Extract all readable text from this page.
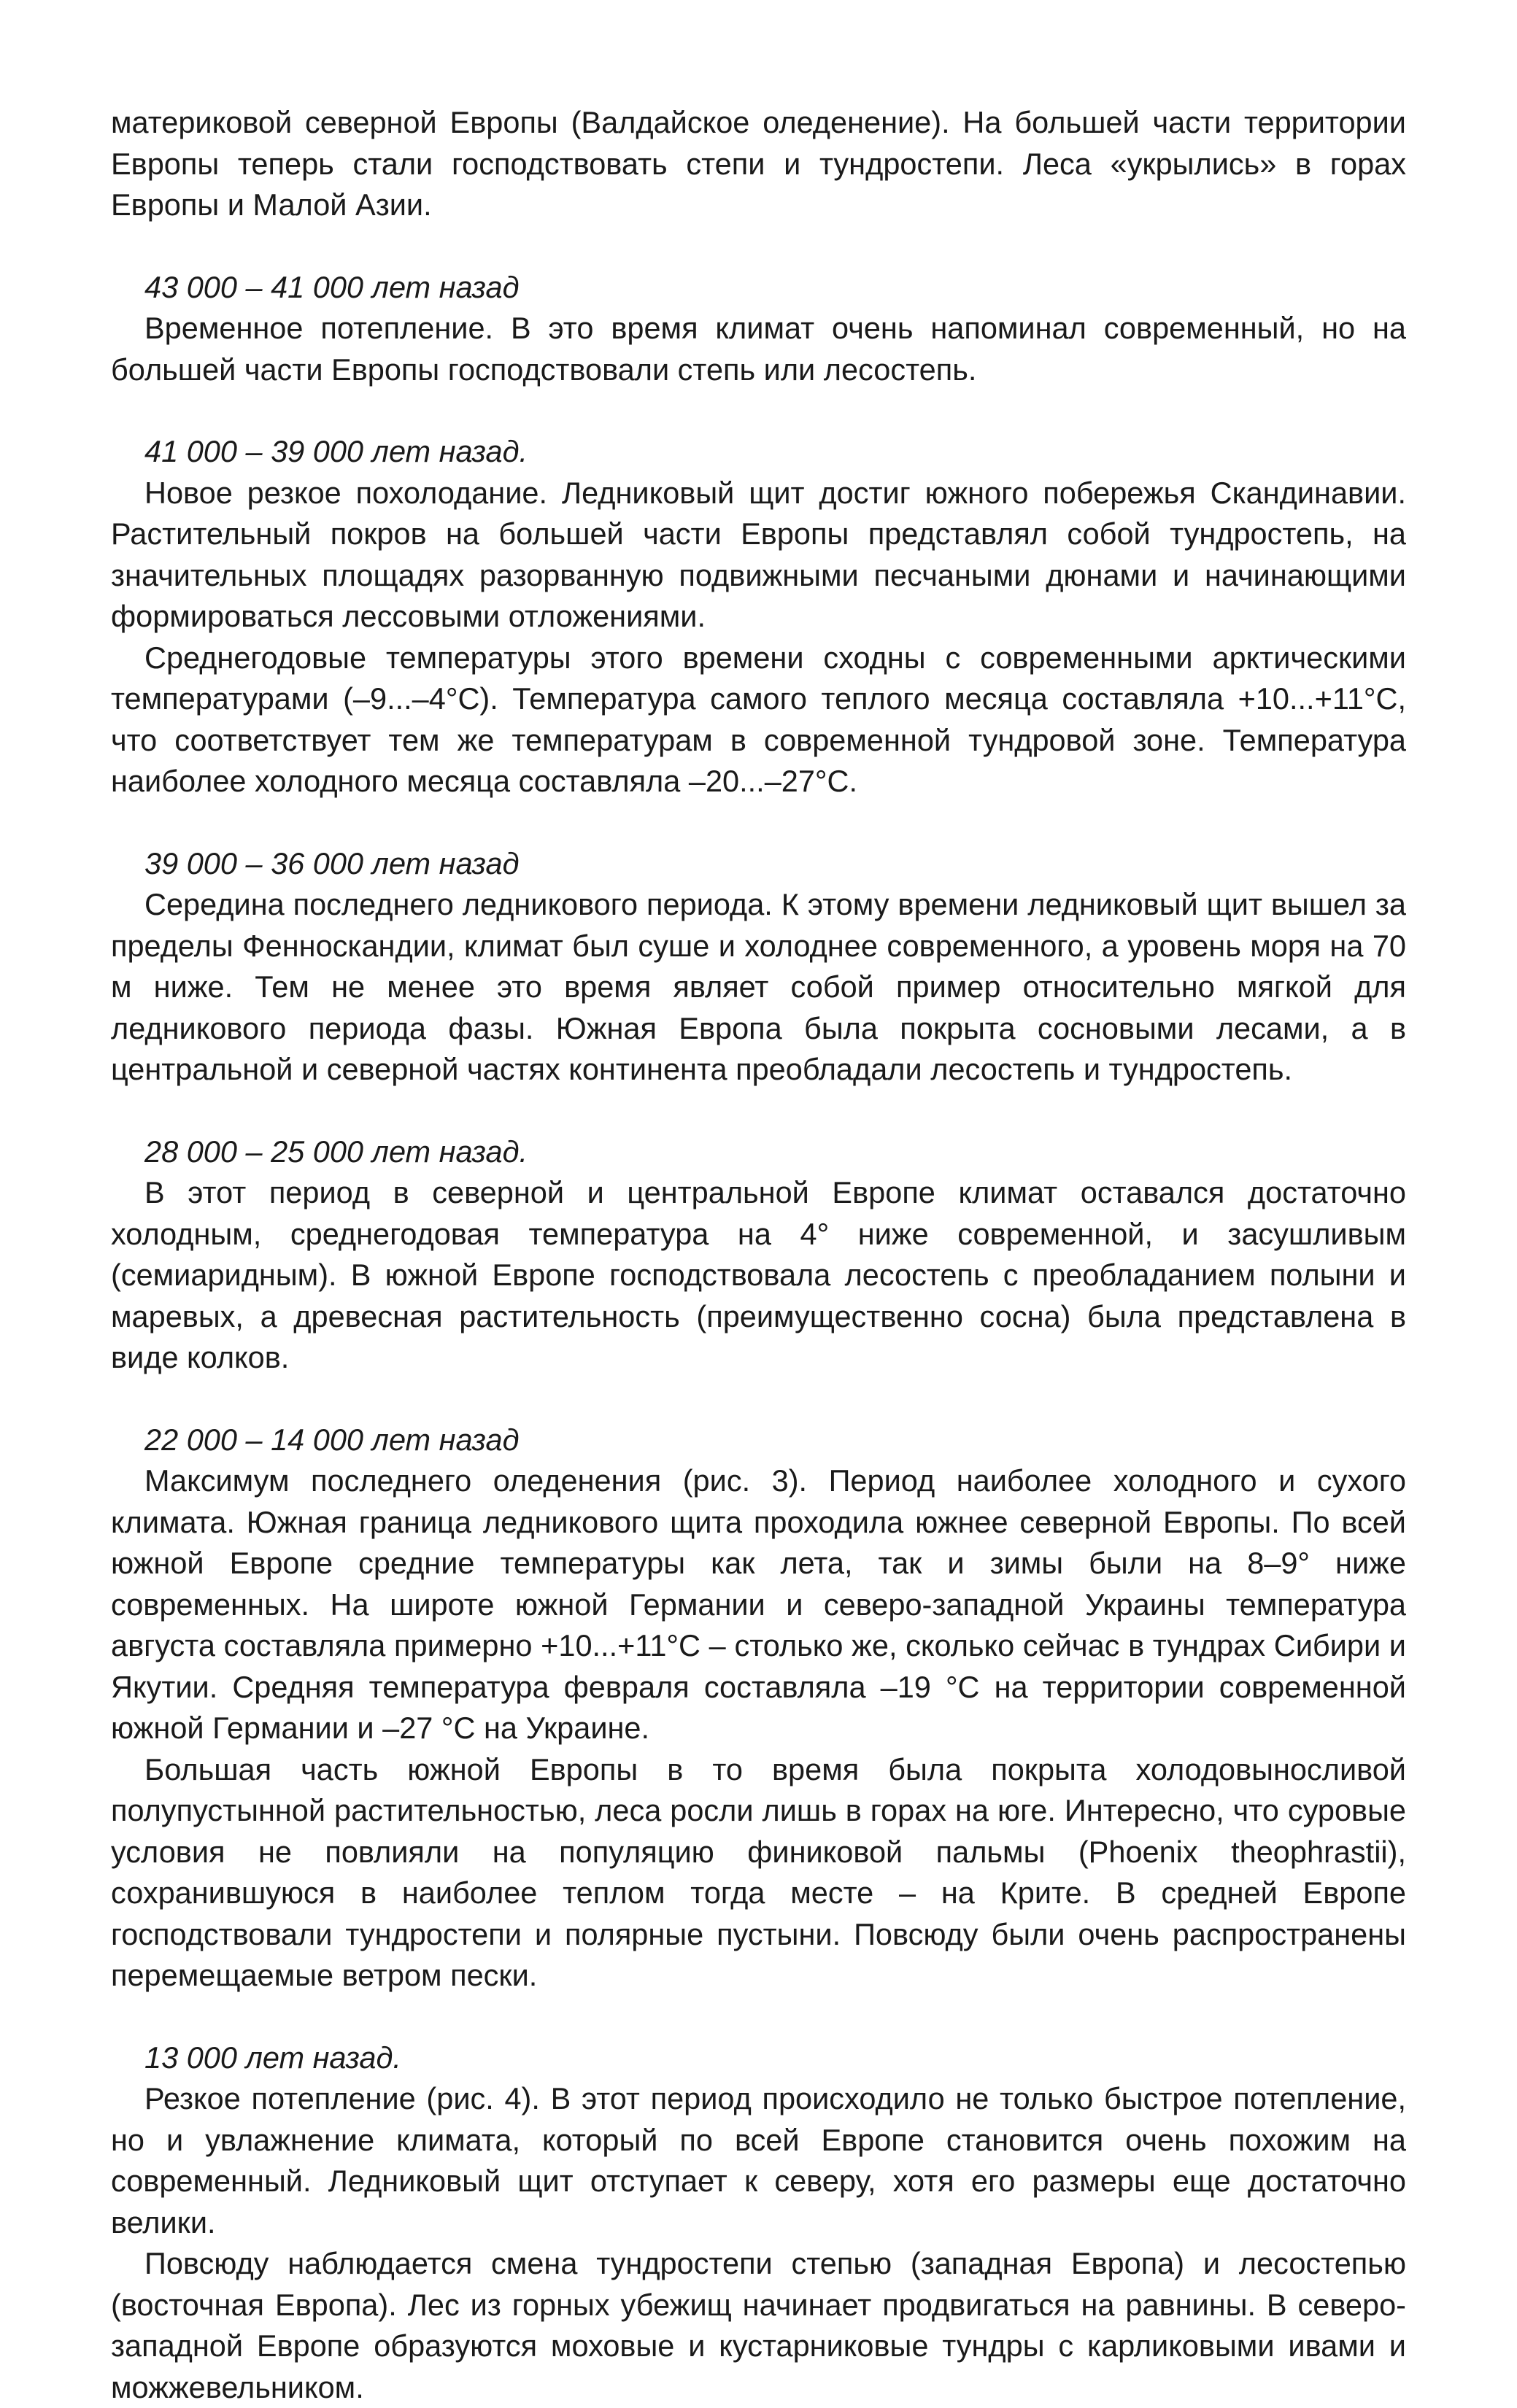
материковой северной Европы (Валдайское оледенение). На большей части территории Европы теперь стали господствовать степи и тундростепи. Леса «укрылись» в горах Европы и Малой Азии.

43 000 – 41 000 лет назад

Временное потепление. В это время климат очень напоминал современный, но на большей части Европы господствовали степь или лесостепь.

41 000 – 39 000 лет назад.

Новое резкое похолодание. Ледниковый щит достиг южного побережья Скандинавии. Растительный покров на большей части Европы представлял собой тундростепь, на значительных площадях разорванную подвижными песчаными дюнами и начинающими формироваться лессовыми отложениями.

Среднегодовые температуры этого времени сходны с современными арктическими температурами (–9...–4°С). Температура самого теплого месяца составляла +10...+11°С, что соответствует тем же температурам в современной тундровой зоне. Температура наиболее холодного месяца составляла –20...–27°С.

39 000 – 36 000 лет назад

Середина последнего ледникового периода. К этому времени ледниковый щит вышел за пределы Фенноскандии, климат был суше и холоднее современного, а уровень моря на 70 м ниже. Тем не менее это время являет собой пример относительно мягкой для ледникового периода фазы. Южная Европа была покрыта сосновыми лесами, а в центральной и северной частях континента преобладали лесостепь и тундростепь.

28 000 – 25 000 лет назад.

В этот период в северной и центральной Европе климат оставался достаточно холодным, среднегодовая температура на 4° ниже современной, и засушливым (семиаридным). В южной Европе господствовала лесостепь с преобладанием полыни и маревых, а древесная растительность (преимущественно сосна) была представлена в виде колков.

22 000 – 14 000 лет назад

Максимум последнего оледенения (рис. 3). Период наиболее холодного и сухого климата. Южная граница ледникового щита проходила южнее северной Европы. По всей южной Европе средние температуры как лета, так и зимы были на 8–9° ниже современных. На широте южной Германии и северо-западной Украины температура августа составляла примерно +10...+11°С – столько же, сколько сейчас в тундрах Сибири и Якутии. Средняя температура февраля составляла –19 °С на территории современной южной Германии и –27 °С на Украине.

Большая часть южной Европы в то время была покрыта холодовыносливой полупустынной растительностью, леса росли лишь в горах на юге. Интересно, что суровые условия не повлияли на популяцию финиковой пальмы (Phoenix theophrastii), сохранившуюся в наиболее теплом тогда месте – на Крите. В средней Европе господствовали тундростепи и полярные пустыни. Повсюду были очень распространены перемещаемые ветром пески.

13 000 лет назад.

Резкое потепление (рис. 4). В этот период происходило не только быстрое потепление, но и увлажнение климата, который по всей Европе становится очень похожим на современный. Ледниковый щит отступает к северу, хотя его размеры еще достаточно велики.

Повсюду наблюдается смена тундростепи степью (западная Европа) и лесостепью (восточная Европа). Лес из горных убежищ начинает продвигаться на равнины. В северо-западной Европе образуются моховые и кустарниковые тундры с карликовыми ивами и можжевельником.
